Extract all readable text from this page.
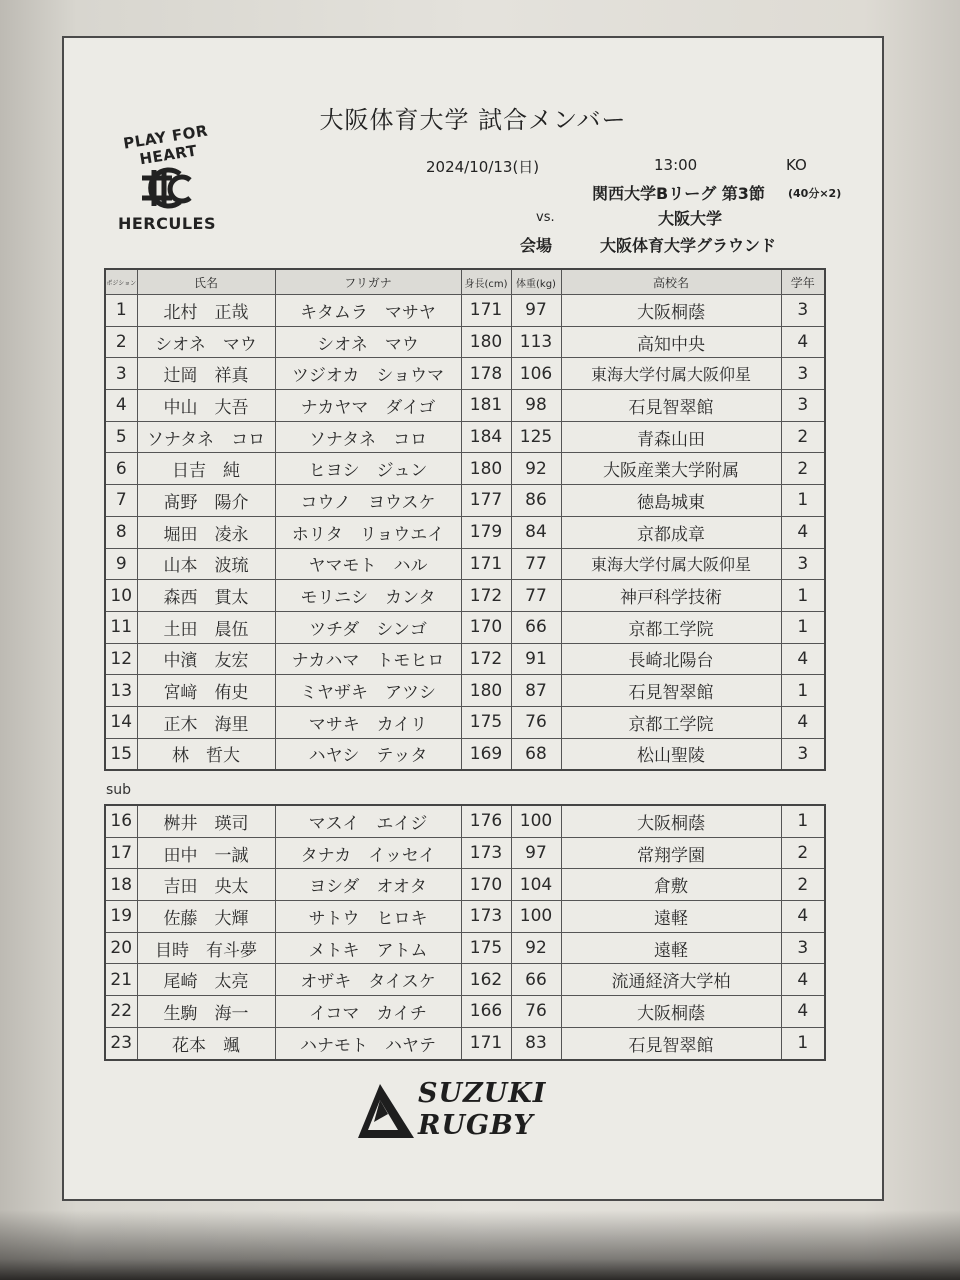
大阪体育大学 試合メンバー
PLAY FOR HEART
HERCULES
2024/10/13(日)	13:00	KO
関西大学Bリーグ 第3節 (40分×2)
vs.	大阪大学
会場	大阪体育大学グラウンド
ポジション	氏名	フリガナ	身長(cm)	体重(kg)	高校名	学年
1	北村　正哉	キタムラ　マサヤ	171	97	大阪桐蔭	3
2	シオネ　マウ	シオネ　マウ	180	113	高知中央	4
3	辻岡　祥真	ツジオカ　ショウマ	178	106	東海大学付属大阪仰星	3
4	中山　大吾	ナカヤマ　ダイゴ	181	98	石見智翠館	3
5	ソナタネ　コロ	ソナタネ　コロ	184	125	青森山田	2
6	日吉　純	ヒヨシ　ジュン	180	92	大阪産業大学附属	2
7	髙野　陽介	コウノ　ヨウスケ	177	86	徳島城東	1
8	堀田　凌永	ホリタ　リョウエイ	179	84	京都成章	4
9	山本　波琉	ヤマモト　ハル	171	77	東海大学付属大阪仰星	3
10	森西　貫太	モリニシ　カンタ	172	77	神戸科学技術	1
11	土田　晨伍	ツチダ　シンゴ	170	66	京都工学院	1
12	中濱　友宏	ナカハマ　トモヒロ	172	91	長崎北陽台	4
13	宮﨑　侑史	ミヤザキ　アツシ	180	87	石見智翠館	1
14	正木　海里	マサキ　カイリ	175	76	京都工学院	4
15	林　哲大	ハヤシ　テッタ	169	68	松山聖陵	3
sub
16	桝井　瑛司	マスイ　エイジ	176	100	大阪桐蔭	1
17	田中　一誠	タナカ　イッセイ	173	97	常翔学園	2
18	吉田　央太	ヨシダ　オオタ	170	104	倉敷	2
19	佐藤　大輝	サトウ　ヒロキ	173	100	遠軽	4
20	目時　有斗夢	メトキ　アトム	175	92	遠軽	3
21	尾崎　太亮	オザキ　タイスケ	162	66	流通経済大学柏	4
22	生駒　海一	イコマ　カイチ	166	76	大阪桐蔭	4
23	花本　颯	ハナモト　ハヤテ	171	83	石見智翠館	1
SUZUKI
RUGBY
